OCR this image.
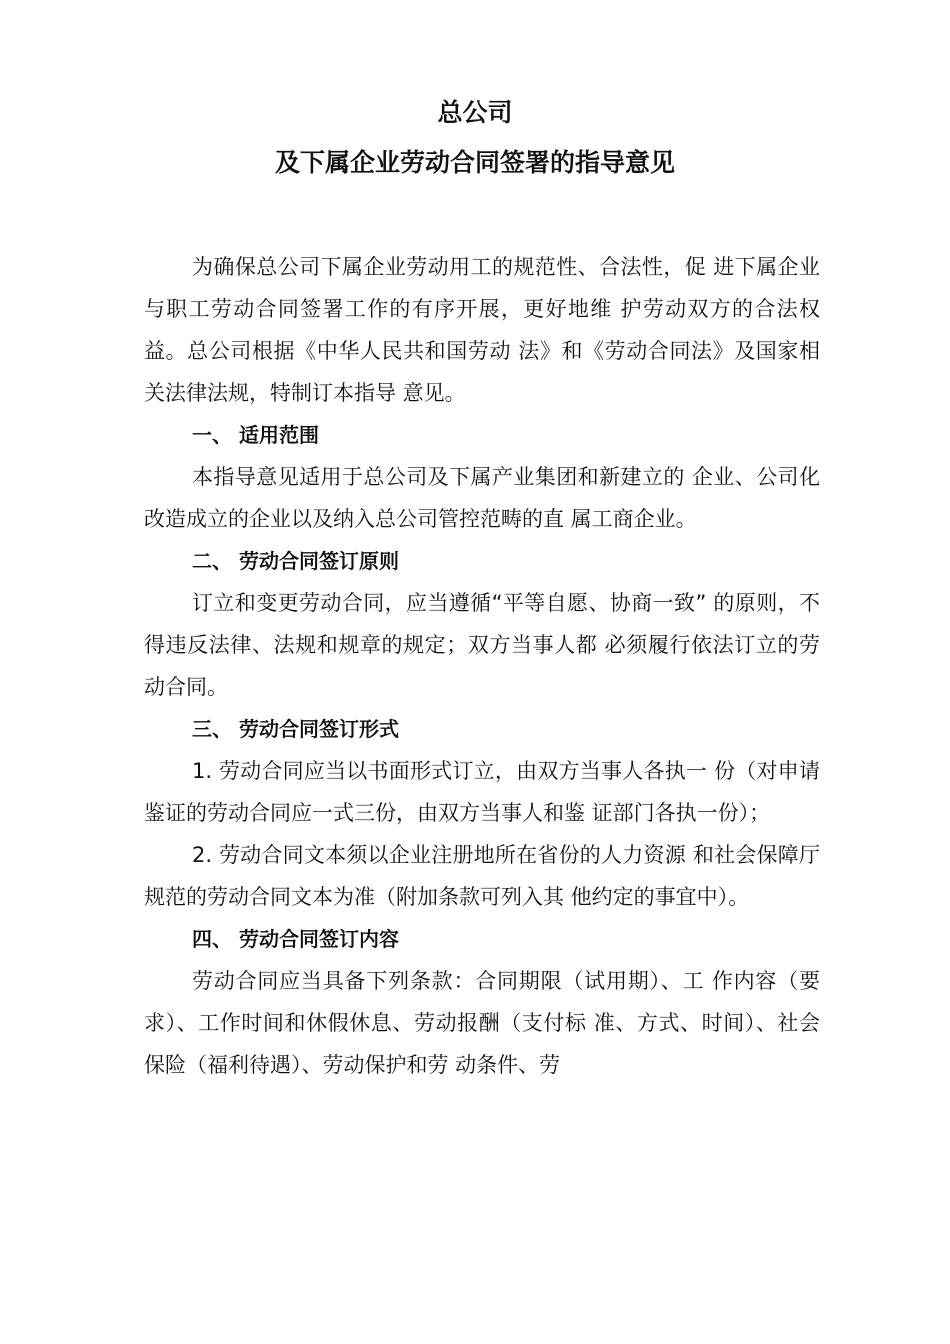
总公司
及下属企业劳动合同签署的指导意见

为确保总公司下属企业劳动用工的规范性、合法性，促 进下属企业与职工劳动合同签署工作的有序开展，更好地维 护劳动双方的合法权益。总公司根据《中华人民共和国劳动 法》和《劳动合同法》及国家相关法律法规，特制订本指导 意见。

一、 适用范围

本指导意见适用于总公司及下属产业集团和新建立的 企业、公司化改造成立的企业以及纳入总公司管控范畴的直 属工商企业。

二、 劳动合同签订原则

订立和变更劳动合同，应当遵循“平等自愿、协商一致” 的原则，不得违反法律、法规和规章的规定；双方当事人都 必须履行依法订立的劳动合同。

三、 劳动合同签订形式

1. 劳动合同应当以书面形式订立，由双方当事人各执一 份（对申请鉴证的劳动合同应一式三份，由双方当事人和鉴 证部门各执一份）；

2. 劳动合同文本须以企业注册地所在省份的人力资源 和社会保障厅规范的劳动合同文本为准（附加条款可列入其 他约定的事宜中）。

四、 劳动合同签订内容

劳动合同应当具备下列条款：合同期限（试用期）、工 作内容（要求）、工作时间和休假休息、劳动报酬（支付标 准、方式、时间）、社会保险（福利待遇）、劳动保护和劳 动条件、劳
